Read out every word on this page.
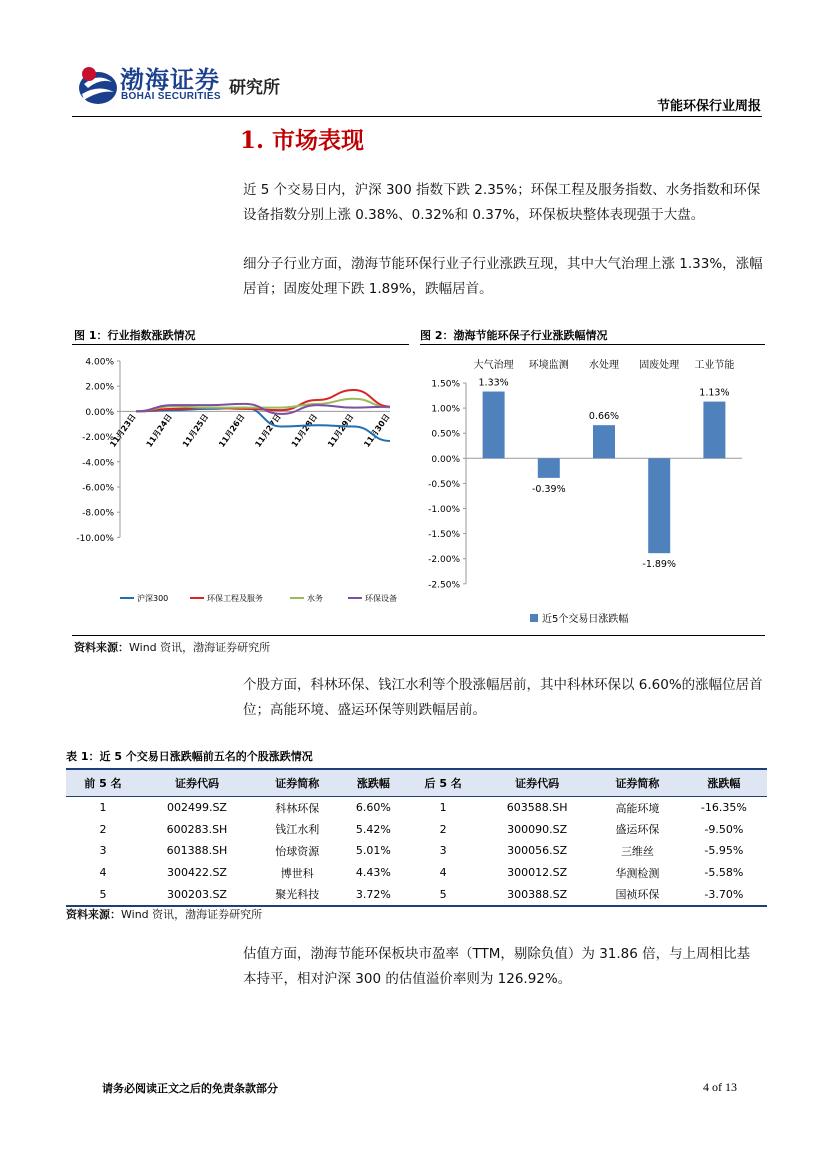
渤海证券
BOHAI SECURITIES 研究所
节能环保行业周报
1. 市场表现
近 5 个交易日内，沪深 300 指数下跌 2.35%；环保工程及服务指数、水务指数和环保设备指数分别上涨 0.38%、0.32%和 0.37%，环保板块整体表现强于大盘。
细分子行业方面，渤海节能环保行业子行业涨跌互现，其中大气治理上涨 1.33%，涨幅居首；固废处理下跌 1.89%，跌幅居首。
图 1：行业指数涨跌情况	图 2：渤海节能环保子行业涨跌幅情况
4.00%
2.00%
0.00%
-2.00%
-4.00%
-6.00%
-8.00%
-10.00%
11月23日 11月24日 11月25日 11月26日 11月27日 11月28日 11月29日 11月30日
沪深300	环保工程及服务	水务	环保设备
1.50%
1.00%
0.50%
0.00%
-0.50%
-1.00%
-1.50%
-2.00%
-2.50%
大气治理
1.33%
环境监测
-0.39%
水处理
0.66%
固废处理
-1.89%
工业节能
1.13%
近5个交易日涨跌幅
资料来源：Wind 资讯，渤海证券研究所
个股方面，科林环保、钱江水利等个股涨幅居前，其中科林环保以 6.60%的涨幅位居首位；高能环境、盛运环保等则跌幅居前。
表 1：近 5 个交易日涨跌幅前五名的个股涨跌情况
前 5 名	证券代码	证券简称	涨跌幅	后 5 名	证券代码	证券简称	涨跌幅
1	002499.SZ	科林环保	6.60%	1	603588.SH	高能环境	-16.35%
2	600283.SH	钱江水利	5.42%	2	300090.SZ	盛运环保	-9.50%
3	601388.SH	怡球资源	5.01%	3	300056.SZ	三维丝	-5.95%
4	300422.SZ	博世科	4.43%	4	300012.SZ	华测检测	-5.58%
5	300203.SZ	聚光科技	3.72%	5	300388.SZ	国祯环保	-3.70%
资料来源：Wind 资讯，渤海证券研究所
估值方面，渤海节能环保板块市盈率（TTM，剔除负值）为 31.86 倍，与上周相比基本持平，相对沪深 300 的估值溢价率则为 126.92%。
请务必阅读正文之后的免责条款部分	4 of 13
